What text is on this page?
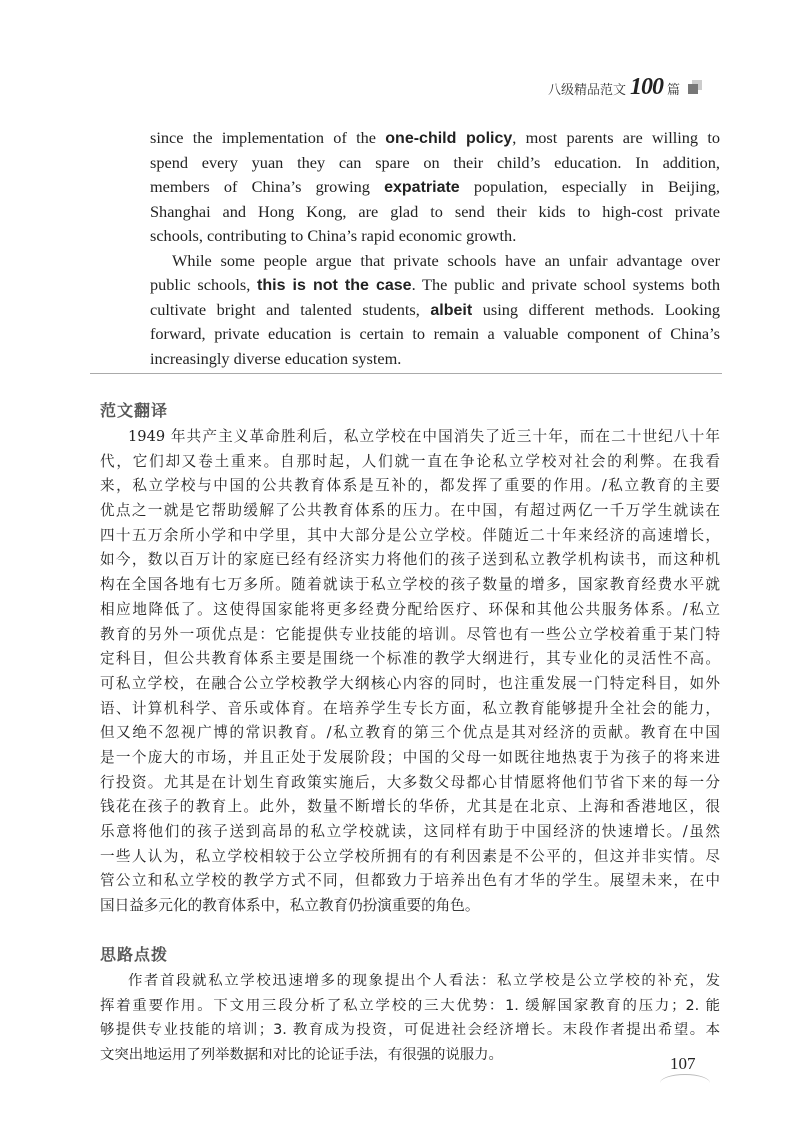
八级精品范文 100 篇
since the implementation of the one-child policy, most parents are willing to
spend every yuan they can spare on their child’s education. In addition,
members of China’s growing expatriate population, especially in Beijing,
Shanghai and Hong Kong, are glad to send their kids to high-cost private
schools, contributing to China’s rapid economic growth.
While some people argue that private schools have an unfair advantage over
public schools, this is not the case. The public and private school systems both
cultivate bright and talented students, albeit using different methods. Looking
forward, private education is certain to remain a valuable component of China’s
increasingly diverse education system.
范文翻译
1949 年共产主义革命胜利后，私立学校在中国消失了近三十年，而在二十世纪八十年
代，它们却又卷土重来。自那时起，人们就一直在争论私立学校对社会的利弊。在我看
来，私立学校与中国的公共教育体系是互补的，都发挥了重要的作用。/私立教育的主要
优点之一就是它帮助缓解了公共教育体系的压力。在中国，有超过两亿一千万学生就读在
四十五万余所小学和中学里，其中大部分是公立学校。伴随近二十年来经济的高速增长，
如今，数以百万计的家庭已经有经济实力将他们的孩子送到私立教学机构读书，而这种机
构在全国各地有七万多所。随着就读于私立学校的孩子数量的增多，国家教育经费水平就
相应地降低了。这使得国家能将更多经费分配给医疗、环保和其他公共服务体系。/私立
教育的另外一项优点是：它能提供专业技能的培训。尽管也有一些公立学校着重于某门特
定科目，但公共教育体系主要是围绕一个标准的教学大纲进行，其专业化的灵活性不高。
可私立学校，在融合公立学校教学大纲核心内容的同时，也注重发展一门特定科目，如外
语、计算机科学、音乐或体育。在培养学生专长方面，私立教育能够提升全社会的能力，
但又绝不忽视广博的常识教育。/私立教育的第三个优点是其对经济的贡献。教育在中国
是一个庞大的市场，并且正处于发展阶段；中国的父母一如既往地热衷于为孩子的将来进
行投资。尤其是在计划生育政策实施后，大多数父母都心甘情愿将他们节省下来的每一分
钱花在孩子的教育上。此外，数量不断增长的华侨，尤其是在北京、上海和香港地区，很
乐意将他们的孩子送到高昂的私立学校就读，这同样有助于中国经济的快速增长。/虽然
一些人认为，私立学校相较于公立学校所拥有的有利因素是不公平的，但这并非实情。尽
管公立和私立学校的教学方式不同，但都致力于培养出色有才华的学生。展望未来，在中
国日益多元化的教育体系中，私立教育仍扮演重要的角色。
思路点拨
作者首段就私立学校迅速增多的现象提出个人看法：私立学校是公立学校的补充，发
挥着重要作用。下文用三段分析了私立学校的三大优势：1. 缓解国家教育的压力；2. 能
够提供专业技能的培训；3. 教育成为投资，可促进社会经济增长。末段作者提出希望。本
文突出地运用了列举数据和对比的论证手法，有很强的说服力。	107
